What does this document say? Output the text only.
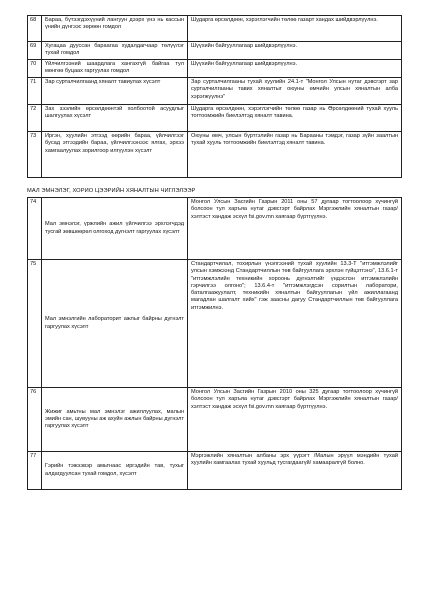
68	Бараа, бүтээгдэхүүний лангуун дээрх үнэ нь кассын үнийн дүнгээс зөрөөн гомдол	Шударга өрсөлдөөн, хэрэглэгчийн төлөө газарт хандах шийдвэрлүүлнэ.
69	Хугацаа дууссан бараагаа худалдагчаар төлүүлэг тухай гомдол	Шүүхийн байгууллагаар шийдвэрлүүлнэ.
70	Үйлчилгээний шаардлага хангахгүй байгаа тул мөнгөө буцаах гаргуулах гомдол	Шүүхийн байгууллагаар шийдвэрлүүлнэ.
71	Зар сурталчилгаанд хяналт тавиулах хүсэлт	Зар сурталчилгааны тухай хуулийн 24.1-т "Монгол Улсын нутаг дэвсгэрт зар сурталчилгааны тавих хяналтыг оюуны өмчийн улсын хяналтын алба хэрэгжүүлнэ"
72	Зах зээлийн өрсөлдөөнтэй холбоотой асуудлыг шалгуулах хүсэлт	Шударга өрсөлдөөн, хэрэглэгчийн төлөө газар нь Өрсөлдөөний тухай хууль тогтоомжийн биелэлтэд хяналт тавина.
73	Иргэн, хуулийн этгээд өөрийн бараа, үйлчилгээг бусад этгээдийн бараа, үйлчилгээнээс ялгах, эрхээ хамгаалуулах зорилгоор илгүүлэн хүсэлт	Оюуны өмч, улсын бүртгэлийн газар нь Барааны тэмдэг, газар зүйн заалтын тухай хууль тогтоомжийн биелэлтэд хяналт тавина.
МАЛ ЭМНЭЛЭГ, ХОРИО ЦЭЭРИЙН ХЯНАЛТЫН ЧИГЛЭЛЭЭР
74	Мал эмнэлэг, үржлийн ажил үйлчилгээ эрхлэгчдэд тусгай зөвшөөрөл олгоход дүгнэлт гаргуулах хүсэлт	Монгол Улсын Засгийн Газрын 2011 оны 57 дугаар тогтоолоор хүчингүй болсоон тул харъяа нутаг дэвсгэрт байрлах Мэргэжлийн хяналтын газар/хэлтэст хандаж эсхүл fsi.gov.mn хаягаар бүртгүүлнэ.
75	Мал эмнэлгийн лабораторит ажлыг байрны дүгнэлт гаргуулах хүсэлт	Стандартчилал, тохирлын үнэлгээний тухай хуулийн 13.3-Т "итгэмжлэлийг улсын хэмжээнд Стандартчиллын төв байгууллага эрхлэн гүйцэтгэнэ", 13.6.1-т "итгэмжлэлийн техникийн хороонь дүгнэлтийг үндэслэн итгэмжлэлийн гэрчилгээ олгоно"; 13.6.4-т "итгэмжлэгдсэн сорилтын лаборатори, баталгаажуулалт, техникийн хяналтын байгууллагын үйл ажиллагаанд магадлан шалгалт хийх" гэж заасны дагуу Стандартчиллын төв байгууллага итгэмжилнэ.
76	Жижиг амьтны мал эмнэлэг ажиллуулах, малын эмийн сан, шувууны аж ахуйн ажлын байрны дүгнэлт гаргуулах хүсэлт	Монгол Улсын Засгийн Газрын 2010 оны 325 дугаар тогтоолоор хүчингүй болсоон тул харъяа нутаг дэвсгэрт байрлах Мэргэжлийн хяналтын газар/хэлтэст хандаж эсхүл fsi.gov.mn хаягаар бүртгүүлнэ.
77	Гэрийн тэжээвэр амьтнаас иргэдийн тав, тухыг алдагдуулсан тухай гомдол, хүсэлт	Мэргэжлийн хяналтын албаны эрх үүрэгт /Малын эрүүл мэндийн тухай хуулийн хамгаалах тухай хуульд тусгагдаагүй/ хамааралгүй болно.
